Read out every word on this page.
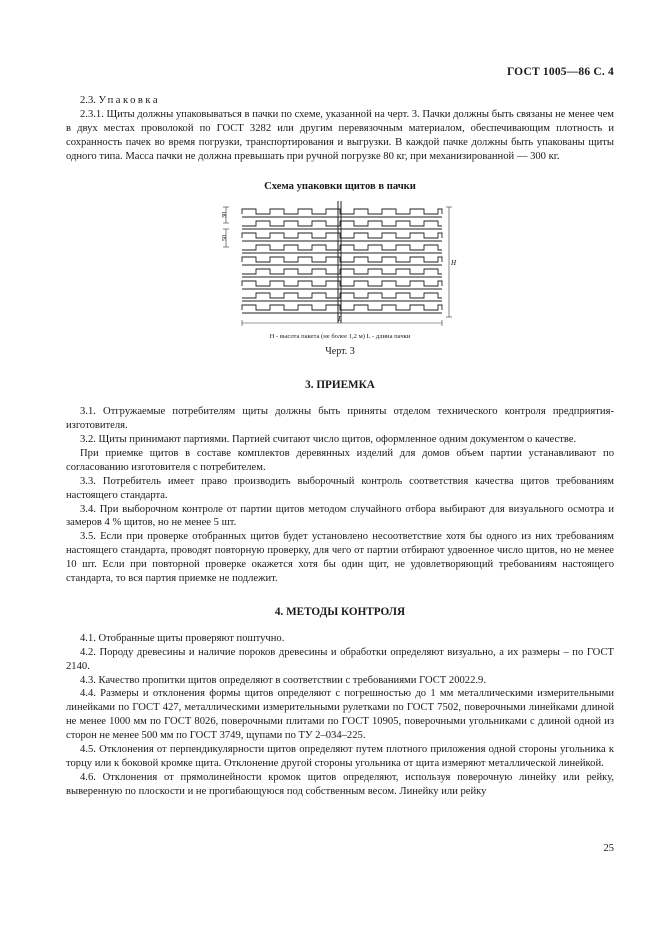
ГОСТ 1005—86 С. 4

2.3. Упаковка

2.3.1. Щиты должны упаковываться в пачки по схеме, указанной на черт. 3. Пачки должны быть связаны не менее чем в двух местах проволокой по ГОСТ 3282 или другим перевязочным материалом, обеспечивающим плотность и сохранность пачек во время погрузки, транспортирования и выгрузки. В каждой пачке должны быть упакованы щиты одного типа. Масса пачки не должна превышать при ручной погрузке 80 кг, при механизированной — 300 кг.

Схема упаковки щитов в пачки
30
50
H
L
H - высота пакета (не более 1,2 м) L - длина пачки
Черт. 3
3. ПРИЕМКА

3.1. Отгружаемые потребителям щиты должны быть приняты отделом технического контроля предприятия-изготовителя.

3.2. Щиты принимают партиями. Партией считают число щитов, оформленное одним документом о качестве.

При приемке щитов в составе комплектов деревянных изделий для домов объем партии устанавливают по согласованию изготовителя с потребителем.

3.3. Потребитель имеет право производить выборочный контроль соответствия качества щитов требованиям настоящего стандарта.

3.4. При выборочном контроле от партии щитов методом случайного отбора выбирают для визуального осмотра и замеров 4 % щитов, но не менее 5 шт.

3.5. Если при проверке отобранных щитов будет установлено несоответствие хотя бы одного из них требованиям настоящего стандарта, проводят повторную проверку, для чего от партии отбирают удвоенное число щитов, но не менее 10 шт. Если при повторной проверке окажется хотя бы один щит, не удовлетворяющий требованиям настоящего стандарта, то вся партия приемке не подлежит.

4. МЕТОДЫ КОНТРОЛЯ

4.1. Отобранные щиты проверяют поштучно.

4.2. Породу древесины и наличие пороков древесины и обработки определяют визуально, а их размеры – по ГОСТ 2140.

4.3. Качество пропитки щитов определяют в соответствии с требованиями ГОСТ 20022.9.

4.4. Размеры и отклонения формы щитов определяют с погрешностью до 1 мм металлическими измерительными линейками по ГОСТ 427, металлическими измерительными рулетками по ГОСТ 7502, поверочными линейками длиной не менее 1000 мм по ГОСТ 8026, поверочными плитами по ГОСТ 10905, поверочными угольниками с длиной одной из сторон не менее 500 мм по ГОСТ 3749, щупами по ТУ 2–034–225.

4.5. Отклонения от перпендикулярности щитов определяют путем плотного приложения одной стороны угольника к торцу или к боковой кромке щита. Отклонение другой стороны угольника от щита измеряют металлической линейкой.

4.6. Отклонения от прямолинейности кромок щитов определяют, используя поверочную линейку или рейку, выверенную по плоскости и не прогибающуюся под собственным весом. Линейку или рейку

25
